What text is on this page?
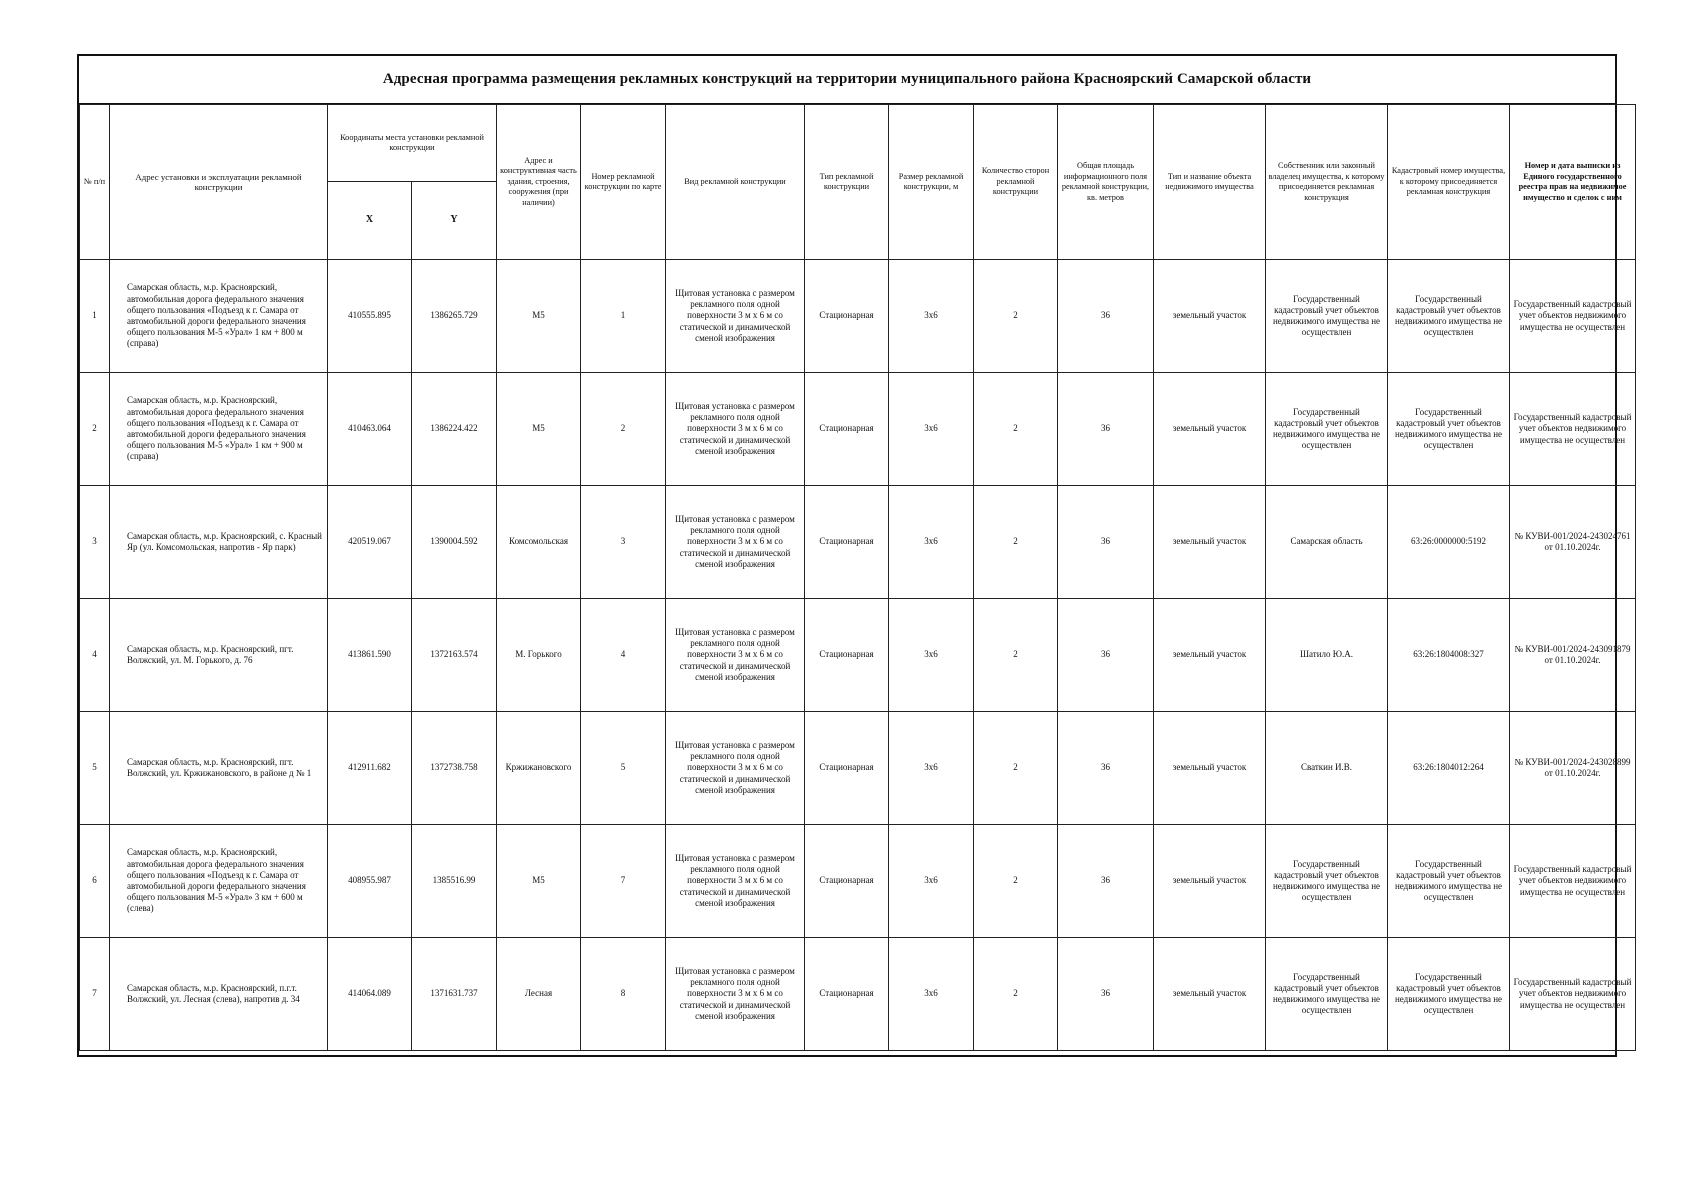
Адресная программа размещения рекламных конструкций на территории муниципального района Красноярский Самарской области
№ п/п	Адрес установки и эксплуатации рекламной конструкции	Координаты места установки рекламной конструкции		Адрес и конструктивная часть здания, строения, сооружения (при наличии)	Номер рекламной конструкции по карте	Вид рекламной конструкции	Тип рекламной конструкции	Размер рекламной конструкции, м	Количество сторон рекламной конструкции	Общая площадь информационного поля рекламной конструкции, кв. метров	Тип и название объекта недвижимого имущества	Собственник или законный владелец имущества, к которому присоединяется рекламная конструкция	Кадастровый номер имущества, к которому присоединяется рекламная конструкция	Номер и дата выписки из Единого государственного реестра прав на недвижимое имущество и сделок с ним
		X	Y											
1	Самарская область, м.р. Красноярский, автомобильная дорога федерального значения общего пользования «Подъезд к г. Самара от автомобильной дороги федерального значения общего пользования М-5 «Урал» 1 км + 800 м (справа)	410555.895	1386265.729	М5	1	Щитовая установка с размером рекламного поля одной поверхности 3 м х 6 м со статической и динамической сменой изображения	Стационарная	3х6	2	36	земельный участок	Государственный кадастровый учет объектов недвижимого имущества не осуществлен	Государственный кадастровый учет объектов недвижимого имущества не осуществлен	Государственный кадастровый учет объектов недвижимого имущества не осуществлен
2	Самарская область, м.р. Красноярский, автомобильная дорога федерального значения общего пользования «Подъезд к г. Самара от автомобильной дороги федерального значения общего пользования М-5 «Урал» 1 км + 900 м (справа)	410463.064	1386224.422	М5	2	Щитовая установка с размером рекламного поля одной поверхности 3 м х 6 м со статической и динамической сменой изображения	Стационарная	3х6	2	36	земельный участок	Государственный кадастровый учет объектов недвижимого имущества не осуществлен	Государственный кадастровый учет объектов недвижимого имущества не осуществлен	Государственный кадастровый учет объектов недвижимого имущества не осуществлен
3	Самарская область, м.р. Красноярский, с. Красный Яр (ул. Комсомольская, напротив - Яр парк)	420519.067	1390004.592	Комсомольская	3	Щитовая установка с размером рекламного поля одной поверхности 3 м х 6 м со статической и динамической сменой изображения	Стационарная	3х6	2	36	земельный участок	Самарская область	63:26:0000000:5192	№ КУВИ-001/2024-243024761 от 01.10.2024г.
4	Самарская область, м.р. Красноярский, пгт. Волжский, ул. М. Горького, д. 76	413861.590	1372163.574	М. Горького	4	Щитовая установка с размером рекламного поля одной поверхности 3 м х 6 м со статической и динамической сменой изображения	Стационарная	3х6	2	36	земельный участок	Шатило Ю.А.	63:26:1804008:327	№ КУВИ-001/2024-243091879 от 01.10.2024г.
5	Самарская область, м.р. Красноярский, пгт. Волжский, ул. Кржижановского, в районе д № 1	412911.682	1372738.758	Кржижановского	5	Щитовая установка с размером рекламного поля одной поверхности 3 м х 6 м со статической и динамической сменой изображения	Стационарная	3х6	2	36	земельный участок	Сваткин И.В.	63:26:1804012:264	№ КУВИ-001/2024-243028899 от 01.10.2024г.
6	Самарская область, м.р. Красноярский, автомобильная дорога федерального значения общего пользования «Подъезд к г. Самара от автомобильной дороги федерального значения общего пользования М-5 «Урал» 3 км + 600 м (слева)	408955.987	1385516.99	М5	7	Щитовая установка с размером рекламного поля одной поверхности 3 м х 6 м со статической и динамической сменой изображения	Стационарная	3х6	2	36	земельный участок	Государственный кадастровый учет объектов недвижимого имущества не осуществлен	Государственный кадастровый учет объектов недвижимого имущества не осуществлен	Государственный кадастровый учет объектов недвижимого имущества не осуществлен
7	Самарская область, м.р. Красноярский, п.г.т. Волжский, ул. Лесная (слева), напротив д. 34	414064.089	1371631.737	Лесная	8	Щитовая установка с размером рекламного поля одной поверхности 3 м х 6 м со статической и динамической сменой изображения	Стационарная	3х6	2	36	земельный участок	Государственный кадастровый учет объектов недвижимого имущества не осуществлен	Государственный кадастровый учет объектов недвижимого имущества не осуществлен	Государственный кадастровый учет объектов недвижимого имущества не осуществлен
